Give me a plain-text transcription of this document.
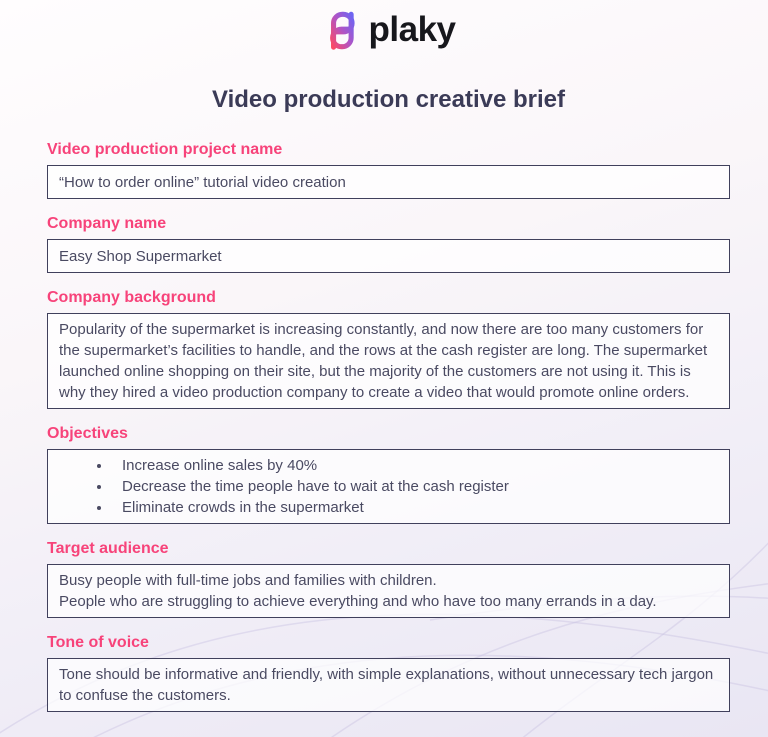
plaky
Video production creative brief
Video production project name
“How to order online” tutorial video creation
Company name
Easy Shop Supermarket
Company background
Popularity of the supermarket is increasing constantly, and now there are too many customers for the supermarket’s facilities to handle, and the rows at the cash register are long. The supermarket launched online shopping on their site, but the majority of the customers are not using it. This is why they hired a video production company to create a video that would promote online orders.
Objectives
• Increase online sales by 40%
• Decrease the time people have to wait at the cash register
• Eliminate crowds in the supermarket
Target audience
Busy people with full-time jobs and families with children.
People who are struggling to achieve everything and who have too many errands in a day.
Tone of voice
Tone should be informative and friendly, with simple explanations, without unnecessary tech jargon to confuse the customers.
